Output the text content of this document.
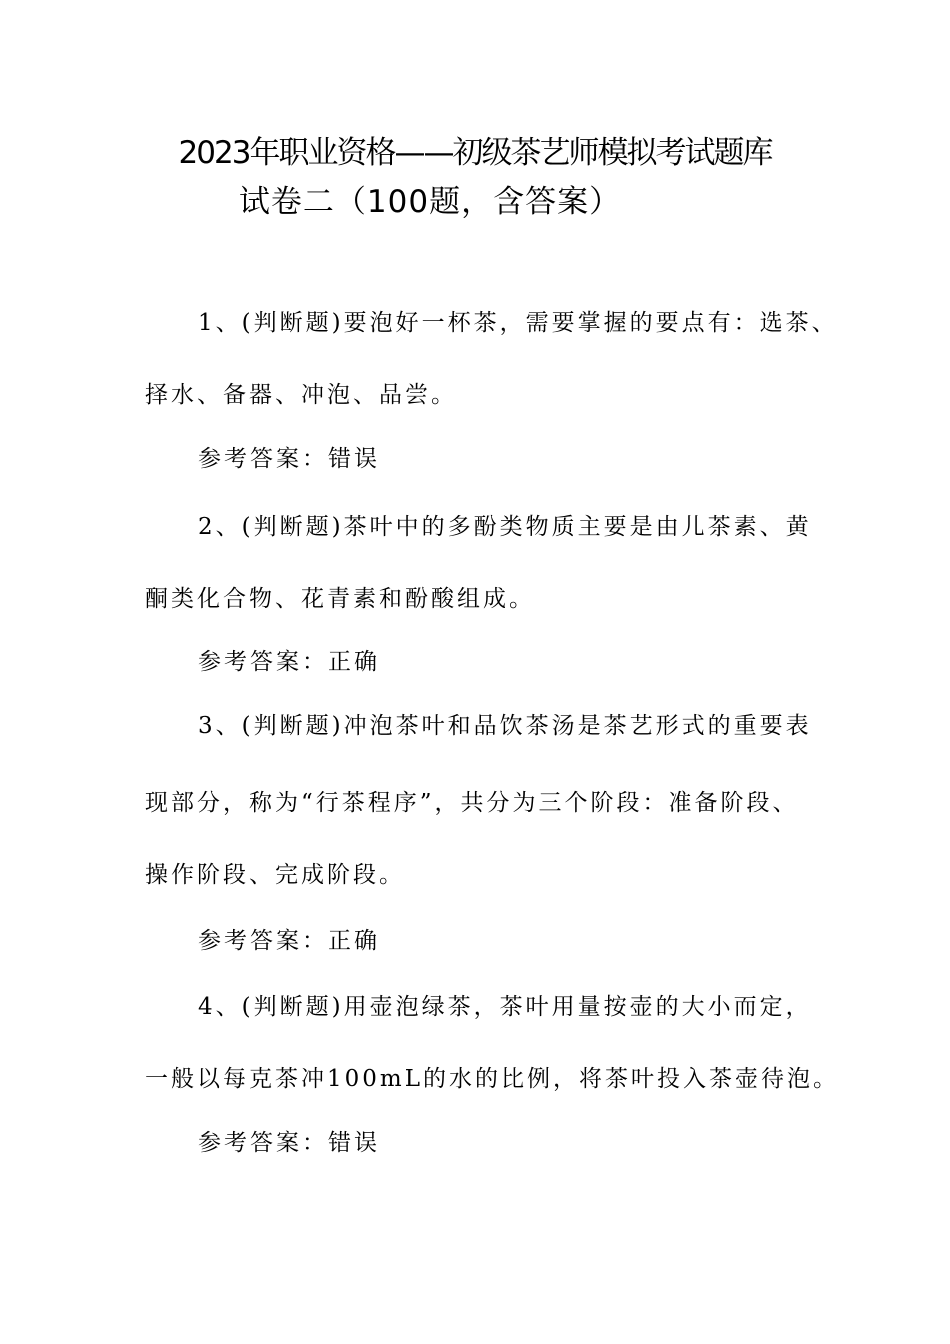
2023年职业资格——初级茶艺师模拟考试题库
试卷二（100题，含答案）
1、(判断题)要泡好一杯茶，需要掌握的要点有：选茶、
择水、备器、冲泡、品尝。
参考答案：错误
2、(判断题)茶叶中的多酚类物质主要是由儿茶素、黄
酮类化合物、花青素和酚酸组成。
参考答案：正确
3、(判断题)冲泡茶叶和品饮茶汤是茶艺形式的重要表
现部分，称为“行茶程序”，共分为三个阶段：准备阶段、
操作阶段、完成阶段。
参考答案：正确
4、(判断题)用壶泡绿茶，茶叶用量按壶的大小而定，
一般以每克茶冲100mL的水的比例，将茶叶投入茶壶待泡。
参考答案：错误
